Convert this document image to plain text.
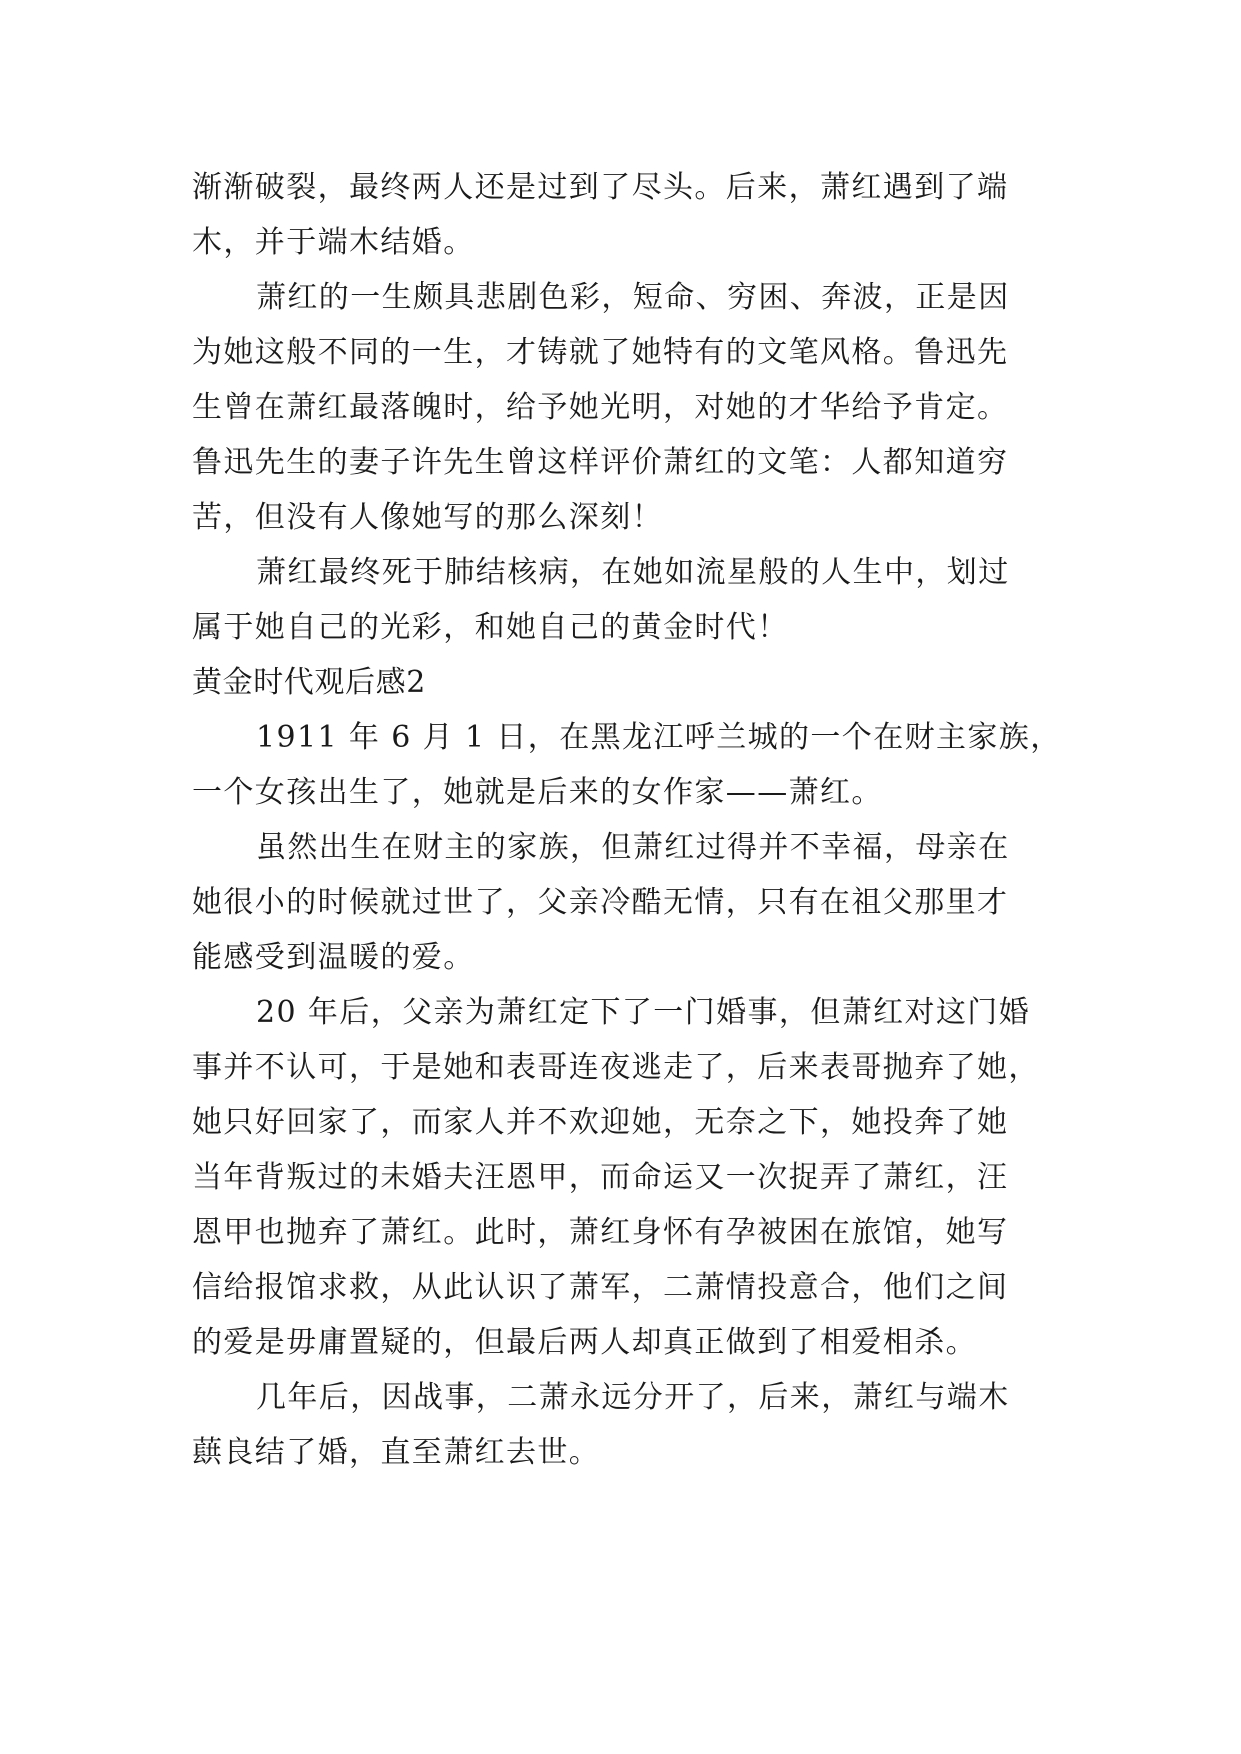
渐渐破裂，最终两人还是过到了尽头。后来，萧红遇到了端
木，并于端木结婚。
萧红的一生颇具悲剧色彩，短命、穷困、奔波，正是因
为她这般不同的一生，才铸就了她特有的文笔风格。鲁迅先
生曾在萧红最落魄时，给予她光明，对她的才华给予肯定。
鲁迅先生的妻子许先生曾这样评价萧红的文笔：人都知道穷
苦，但没有人像她写的那么深刻！
萧红最终死于肺结核病，在她如流星般的人生中，划过
属于她自己的光彩，和她自己的黄金时代！
黄金时代观后感2
1911 年 6 月 1 日，在黑龙江呼兰城的一个在财主家族，
一个女孩出生了，她就是后来的女作家——萧红。
虽然出生在财主的家族，但萧红过得并不幸福，母亲在
她很小的时候就过世了，父亲冷酷无情，只有在祖父那里才
能感受到温暖的爱。
20 年后，父亲为萧红定下了一门婚事，但萧红对这门婚
事并不认可，于是她和表哥连夜逃走了，后来表哥抛弃了她，
她只好回家了，而家人并不欢迎她，无奈之下，她投奔了她
当年背叛过的未婚夫汪恩甲，而命运又一次捉弄了萧红，汪
恩甲也抛弃了萧红。此时，萧红身怀有孕被困在旅馆，她写
信给报馆求救，从此认识了萧军，二萧情投意合，他们之间
的爱是毋庸置疑的，但最后两人却真正做到了相爱相杀。
几年后，因战事，二萧永远分开了，后来，萧红与端木
蕻良结了婚，直至萧红去世。
